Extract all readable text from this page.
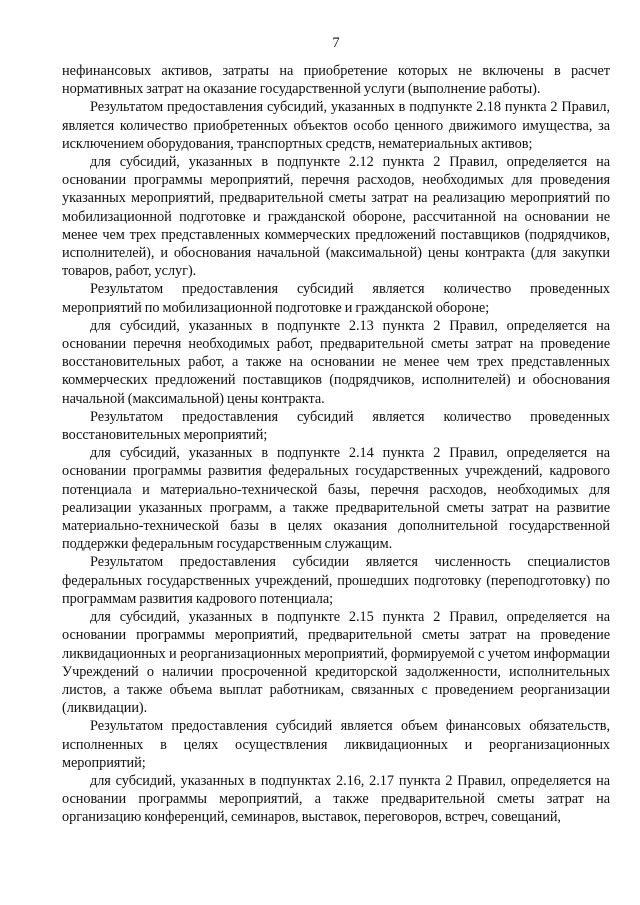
7

нефинансовых активов, затраты на приобретение которых не включены в расчет нормативных затрат на оказание государственной услуги (выполнение работы).

Результатом предоставления субсидий, указанных в подпункте 2.18 пункта 2 Правил, является количество приобретенных объектов особо ценного движимого имущества, за исключением оборудования, транспортных средств, нематериальных активов;

для субсидий, указанных в подпункте 2.12 пункта 2 Правил, определяется на основании программы мероприятий, перечня расходов, необходимых для проведения указанных мероприятий, предварительной сметы затрат на реализацию мероприятий по мобилизационной подготовке и гражданской обороне, рассчитанной на основании не менее чем трех представленных коммерческих предложений поставщиков (подрядчиков, исполнителей), и обоснования начальной (максимальной) цены контракта (для закупки товаров, работ, услуг).

Результатом предоставления субсидий является количество проведенных мероприятий по мобилизационной подготовке и гражданской обороне;

для субсидий, указанных в подпункте 2.13 пункта 2 Правил, определяется на основании перечня необходимых работ, предварительной сметы затрат на проведение восстановительных работ, а также на основании не менее чем трех представленных коммерческих предложений поставщиков (подрядчиков, исполнителей) и обоснования начальной (максимальной) цены контракта.

Результатом предоставления субсидий является количество проведенных восстановительных мероприятий;

для субсидий, указанных в подпункте 2.14 пункта 2 Правил, определяется на основании программы развития федеральных государственных учреждений, кадрового потенциала и материально-технической базы, перечня расходов, необходимых для реализации указанных программ, а также предварительной сметы затрат на развитие материально-технической базы в целях оказания дополнительной государственной поддержки федеральным государственным служащим.

Результатом предоставления субсидии является численность специалистов федеральных государственных учреждений, прошедших подготовку (переподготовку) по программам развития кадрового потенциала;

для субсидий, указанных в подпункте 2.15 пункта 2 Правил, определяется на основании программы мероприятий, предварительной сметы затрат на проведение ликвидационных и реорганизационных мероприятий, формируемой с учетом информации Учреждений о наличии просроченной кредиторской задолженности, исполнительных листов, а также объема выплат работникам, связанных с проведением реорганизации (ликвидации).

Результатом предоставления субсидий является объем финансовых обязательств, исполненных в целях осуществления ликвидационных и реорганизационных мероприятий;

для субсидий, указанных в подпунктах 2.16, 2.17 пункта 2 Правил, определяется на основании программы мероприятий, а также предварительной сметы затрат на организацию конференций, семинаров, выставок, переговоров, встреч, совещаний,
